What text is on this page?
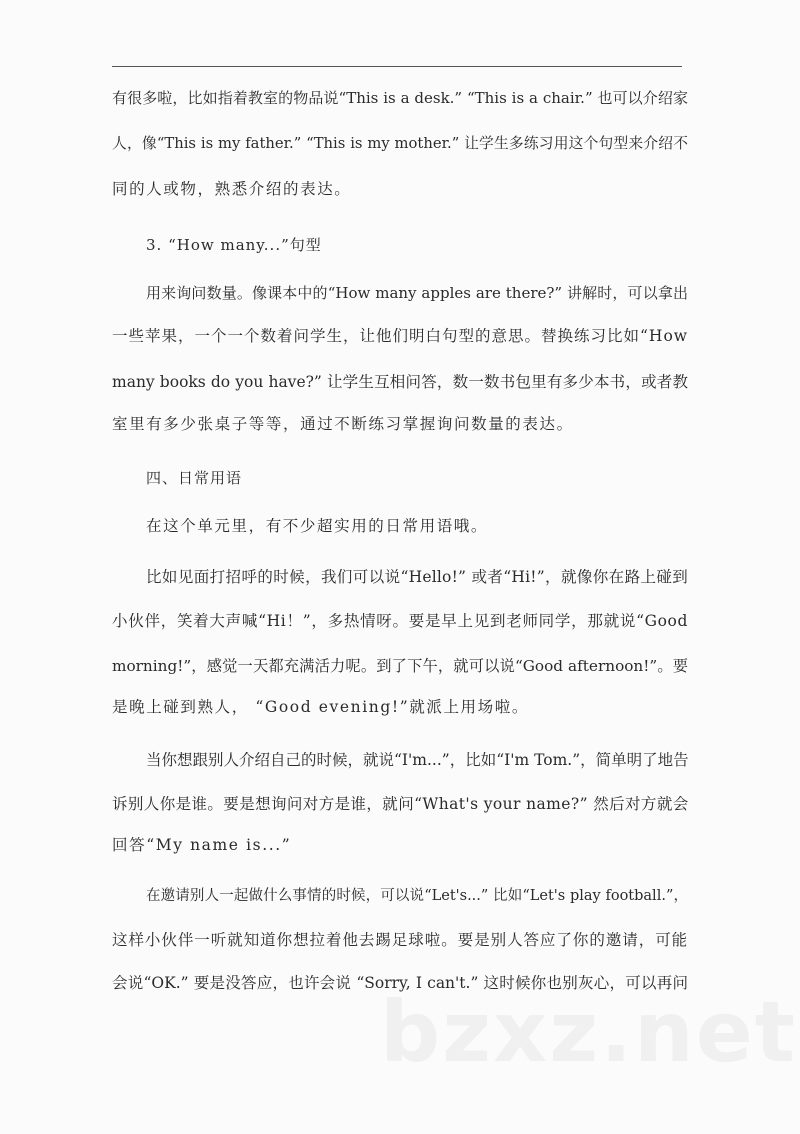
有很多啦，比如指着教室的物品说“This is a desk.” “This is a chair.” 也可以介绍家
人，像“This is my father.” “This is my mother.” 让学生多练习用这个句型来介绍不
同的人或物，熟悉介绍的表达。
3. “How many...”句型
用来询问数量。像课本中的“How many apples are there?” 讲解时，可以拿出
一些苹果，一个一个数着问学生，让他们明白句型的意思。替换练习比如“How
many books do you have?” 让学生互相问答，数一数书包里有多少本书，或者教
室里有多少张桌子等等，通过不断练习掌握询问数量的表达。
四、日常用语
在这个单元里，有不少超实用的日常用语哦。
比如见面打招呼的时候，我们可以说“Hello!” 或者“Hi!”，就像你在路上碰到
小伙伴，笑着大声喊“Hi！”，多热情呀。要是早上见到老师同学，那就说“Good
morning!”，感觉一天都充满活力呢。到了下午，就可以说“Good afternoon!”。要
是晚上碰到熟人， “Good evening!”就派上用场啦。
当你想跟别人介绍自己的时候，就说“I'm...”，比如“I'm Tom.”，简单明了地告
诉别人你是谁。要是想询问对方是谁，就问“What's your name?” 然后对方就会
回答“My name is...”
在邀请别人一起做什么事情的时候，可以说“Let's...” 比如“Let's play football.”，
这样小伙伴一听就知道你想拉着他去踢足球啦。要是别人答应了你的邀请，可能
会说“OK.” 要是没答应，也许会说 “Sorry, I can't.” 这时候你也别灰心，可以再问
bzxz.net
